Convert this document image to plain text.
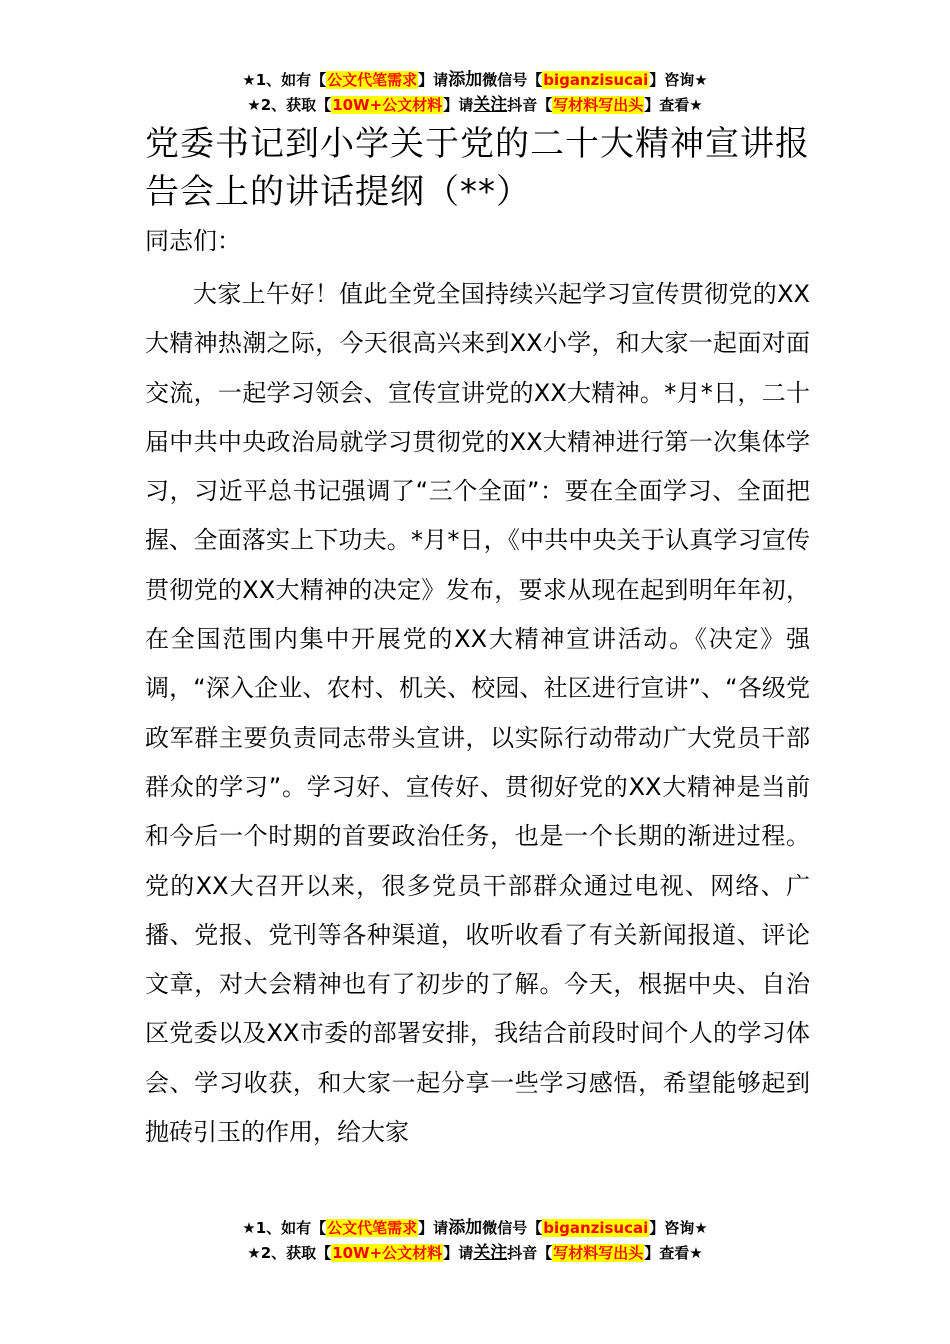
★1、如有【公文代笔需求】请添加微信号【biganzisucai】咨询★
★2、获取【10W+公文材料】请关注抖音【写材料写出头】查看★
党委书记到小学关于党的二十大精神宣讲报告会上的讲话提纲（**）

同志们：

大家上午好！值此全党全国持续兴起学习宣传贯彻党的XX大精神热潮之际，今天很高兴来到XX小学，和大家一起面对面交流，一起学习领会、宣传宣讲党的XX大精神。*月*日，二十届中共中央政治局就学习贯彻党的XX大精神进行第一次集体学习，习近平总书记强调了“三个全面”：要在全面学习、全面把握、全面落实上下功夫。*月*日，《中共中央关于认真学习宣传贯彻党的XX大精神的决定》发布，要求从现在起到明年年初，在全国范围内集中开展党的XX大精神宣讲活动。《决定》强调，“深入企业、农村、机关、校园、社区进行宣讲”、“各级党政军群主要负责同志带头宣讲，以实际行动带动广大党员干部群众的学习”。学习好、宣传好、贯彻好党的XX大精神是当前和今后一个时期的首要政治任务，也是一个长期的渐进过程。党的XX大召开以来，很多党员干部群众通过电视、网络、广播、党报、党刊等各种渠道，收听收看了有关新闻报道、评论文章，对大会精神也有了初步的了解。今天，根据中央、自治区党委以及XX市委的部署安排，我结合前段时间个人的学习体会、学习收获，和大家一起分享一些学习感悟，希望能够起到抛砖引玉的作用，给大家

★1、如有【公文代笔需求】请添加微信号【biganzisucai】咨询★
★2、获取【10W+公文材料】请关注抖音【写材料写出头】查看★
